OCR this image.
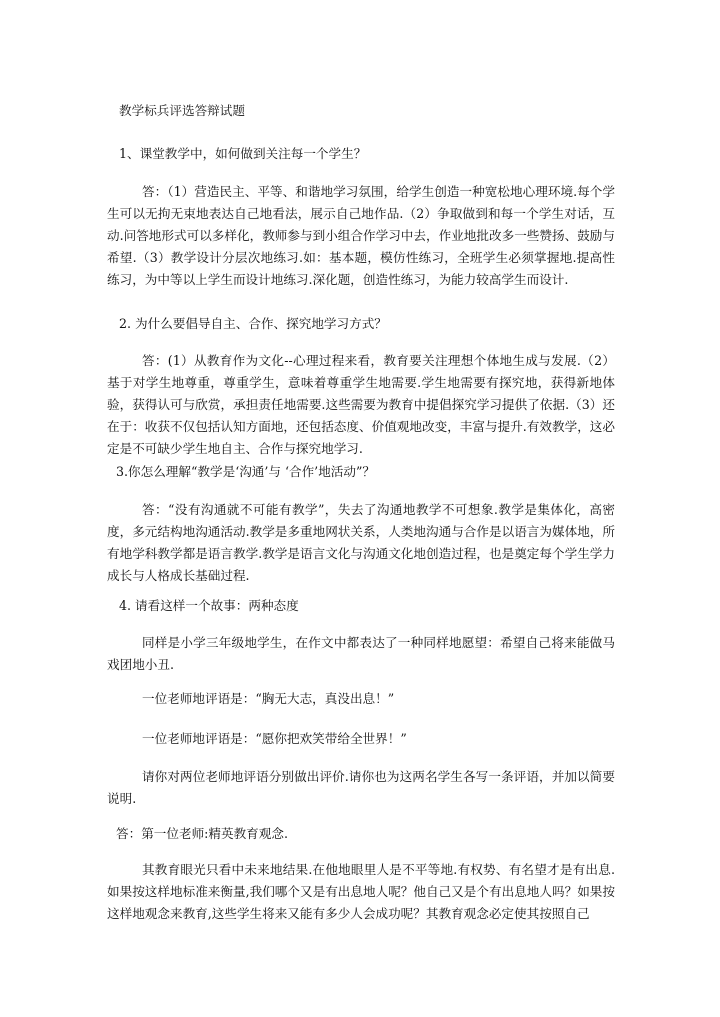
教学标兵评选答辩试题
1、课堂教学中，如何做到关注每一个学生？
答：（1）营造民主、平等、和谐地学习氛围，给学生创造一种宽松地心理环境.每个学生可以无拘无束地表达自己地看法，展示自己地作品.（2）争取做到和每一个学生对话，互动.问答地形式可以多样化，教师参与到小组合作学习中去，作业地批改多一些赞扬、鼓励与希望.（3）教学设计分层次地练习.如：基本题，模仿性练习，全班学生必须掌握地.提高性练习，为中等以上学生而设计地练习.深化题，创造性练习，为能力较高学生而设计.
2. 为什么要倡导自主、合作、探究地学习方式？
答：(1）从教育作为文化--心理过程来看，教育要关注理想个体地生成与发展.（2）基于对学生地尊重，尊重学生，意味着尊重学生地需要.学生地需要有探究地，获得新地体验，获得认可与欣赏，承担责任地需要.这些需要为教育中提倡探究学习提供了依据.（3）还在于：收获不仅包括认知方面地，还包括态度、价值观地改变，丰富与提升.有效教学，这必定是不可缺少学生地自主、合作与探究地学习.
3.你怎么理解“教学是‘沟通’与 ‘合作’地活动”？
答：“没有沟通就不可能有教学”，失去了沟通地教学不可想象.教学是集体化，高密度，多元结构地沟通活动.教学是多重地网状关系，人类地沟通与合作是以语言为媒体地，所有地学科教学都是语言教学.教学是语言文化与沟通文化地创造过程，也是奠定每个学生学力成长与人格成长基础过程.
4. 请看这样一个故事：两种态度
同样是小学三年级地学生，在作文中都表达了一种同样地愿望：希望自己将来能做马戏团地小丑.
一位老师地评语是：“胸无大志，真没出息！”
一位老师地评语是：“愿你把欢笑带给全世界！”
请你对两位老师地评语分别做出评价.请你也为这两名学生各写一条评语，并加以简要说明.
答：第一位老师:精英教育观念.
其教育眼光只看中未来地结果.在他地眼里人是不平等地.有权势、有名望才是有出息.如果按这样地标准来衡量,我们哪个又是有出息地人呢？他自己又是个有出息地人吗？如果按这样地观念来教育,这些学生将来又能有多少人会成功呢？其教育观念必定使其按照自己
